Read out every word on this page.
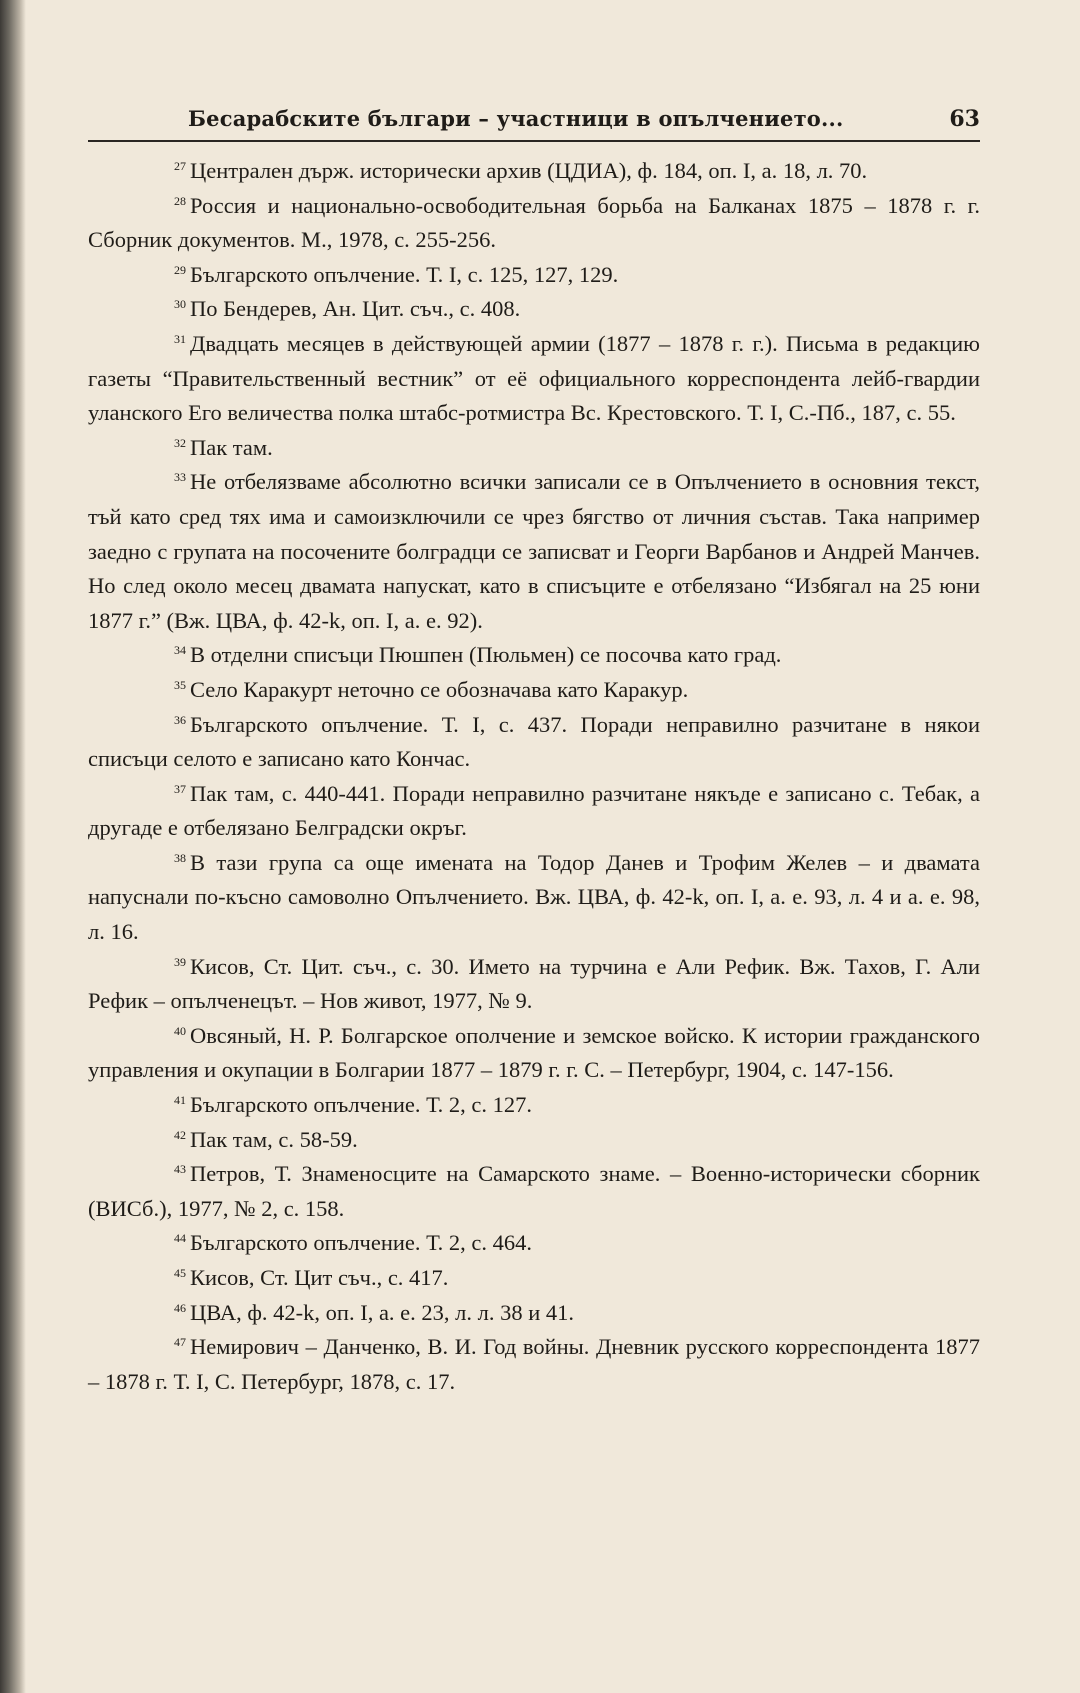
Бесарабските българи – участници в опълчението...	63
$^{27}$ Централен държ. исторически архив (ЦДИА), ф. 184, оп. I, а. 18, л. 70.
$^{28}$ Россия и национально-освободительная борьба на Балканах 1875 – 1878 г. г. Сборник документов. М., 1978, с. 255-256.
$^{29}$ Българското опълчение. Т. I, с. 125, 127, 129.
$^{30}$ По Бендерев, Ан. Цит. съч., с. 408.
$^{31}$ Двадцать месяцев в действующей армии (1877 – 1878 г. г.). Письма в редакцию газеты “Правительственный вестник” от её официального корреспондента лейб-гвардии уланского Его величества полка штабс-ротмистра Вс. Крестовского. Т. I, С.-Пб., 187, с. 55.
$^{32}$ Пак там.
$^{33}$ Не отбелязваме абсолютно всички записали се в Опълчението в основния текст, тъй като сред тях има и самоизключили се чрез бягство от личния състав. Така например заедно с групата на посочените болградци се записват и Георги Варбанов и Андрей Манчев. Но след около месец двамата напускат, като в списъците е отбелязано “Избягал на 25 юни 1877 г.” (Вж. ЦВА, ф. 42-k, оп. I, а. е. 92).
$^{34}$ В отделни списъци Пюшпен (Пюльмен) се посочва като град.
$^{35}$ Село Каракурт неточно се обозначава като Каракур.
$^{36}$ Българското опълчение. Т. I, с. 437. Поради неправилно разчитане в някои списъци селото е записано като Кончас.
$^{37}$ Пак там, с. 440-441. Поради неправилно разчитане някъде е записано с. Тебак, а другаде е отбелязано Белградски окръг.
$^{38}$ В тази група са още имената на Тодор Данев и Трофим Желев – и двамата напуснали по-късно самоволно Опълчението. Вж. ЦВА, ф. 42-k, оп. I, а. е. 93, л. 4 и а. е. 98, л. 16.
$^{39}$ Кисов, Ст. Цит. съч., с. 30. Името на турчина е Али Рефик. Вж. Тахов, Г. Али Рефик – опълченецът. – Нов живот, 1977, № 9.
$^{40}$ Овсяный, Н. Р. Болгарское ополчение и земское войско. К истории гражданского управления и окупации в Болгарии 1877 – 1879 г. г. С. – Петербург, 1904, с. 147-156.
$^{41}$ Българското опълчение. Т. 2, с. 127.
$^{42}$ Пак там, с. 58-59.
$^{43}$ Петров, Т. Знаменосците на Самарското знаме. – Военно-исторически сборник (ВИСб.), 1977, № 2, с. 158.
$^{44}$ Българското опълчение. Т. 2, с. 464.
$^{45}$ Кисов, Ст. Цит съч., с. 417.
$^{46}$ ЦВА, ф. 42-k, оп. I, а. е. 23, л. л. 38 и 41.
$^{47}$ Немирович – Данченко, В. И. Год войны. Дневник русского корреспондента 1877 – 1878 г. Т. I, С. Петербург, 1878, с. 17.
